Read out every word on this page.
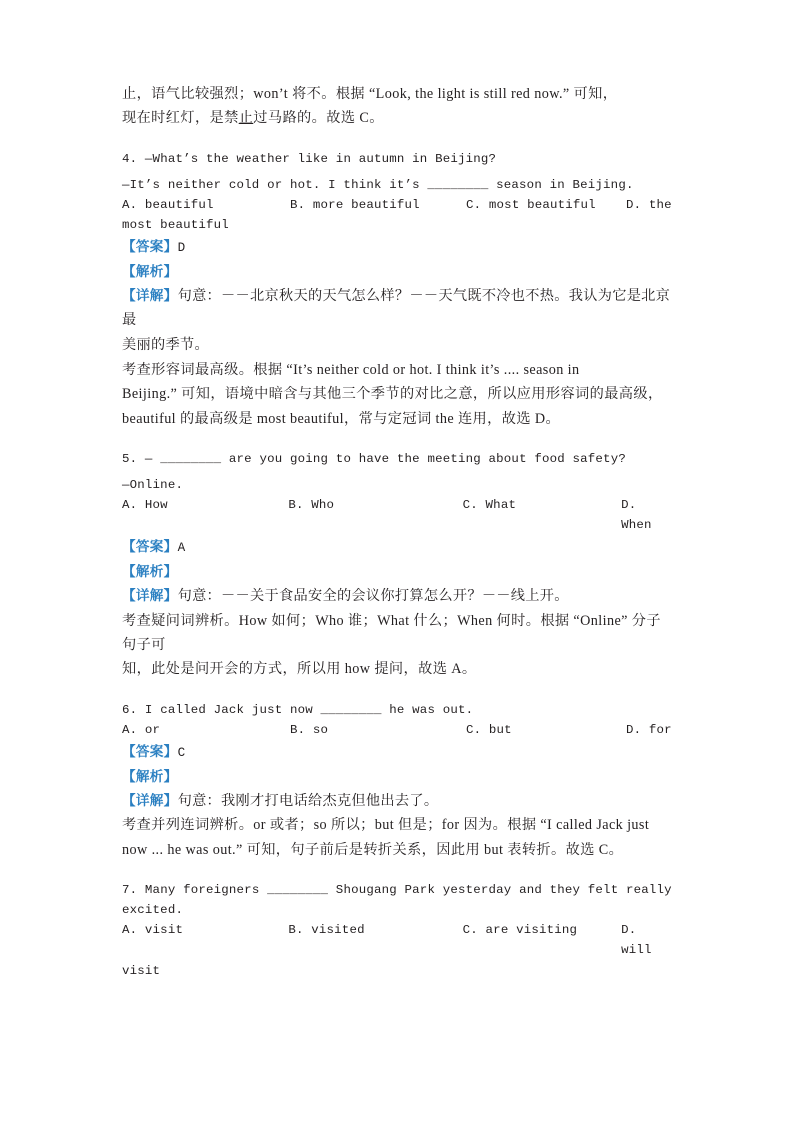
止，语气比较强烈；won’t 将不。根据 “Look, the light is still red now.” 可知，
现在时红灯，是禁止过马路的。故选 C。
4. —What’s the weather like in autumn in Beijing?
—It’s neither cold or hot. I think it’s ________ season in Beijing.
A. beautiful	B. more beautiful	C. most beautiful	D. the
most beautiful
【答案】D
【解析】
【详解】句意：－－北京秋天的天气怎么样？－－天气既不冷也不热。我认为它是北京最
美丽的季节。
考查形容词最高级。根据 “It’s neither cold or hot. I think it’s .... season in
Beijing.” 可知，语境中暗含与其他三个季节的对比之意，所以应用形容词的最高级，
beautiful 的最高级是 most beautiful，常与定冠词 the 连用，故选 D。
5. — ________ are you going to have the meeting about food safety?
—Online.
A. How	B. Who	C. What	D. When
【答案】A
【解析】
【详解】句意：－－关于食品安全的会议你打算怎么开？－－线上开。
考查疑问词辨析。How 如何；Who 谁；What 什么；When 何时。根据 “Online” 分子句子可
知，此处是问开会的方式，所以用 how 提问，故选 A。
6. I called Jack just now ________ he was out.
A. or	B. so	C. but	D. for
【答案】C
【解析】
【详解】句意：我刚才打电话给杰克但他出去了。
考查并列连词辨析。or 或者；so 所以；but 但是；for 因为。根据 “I called Jack just
now ... he was out.” 可知，句子前后是转折关系，因此用 but 表转折。故选 C。
7. Many foreigners ________ Shougang Park yesterday and they felt really
excited.
A. visit	B. visited	C. are visiting	D. will
visit
